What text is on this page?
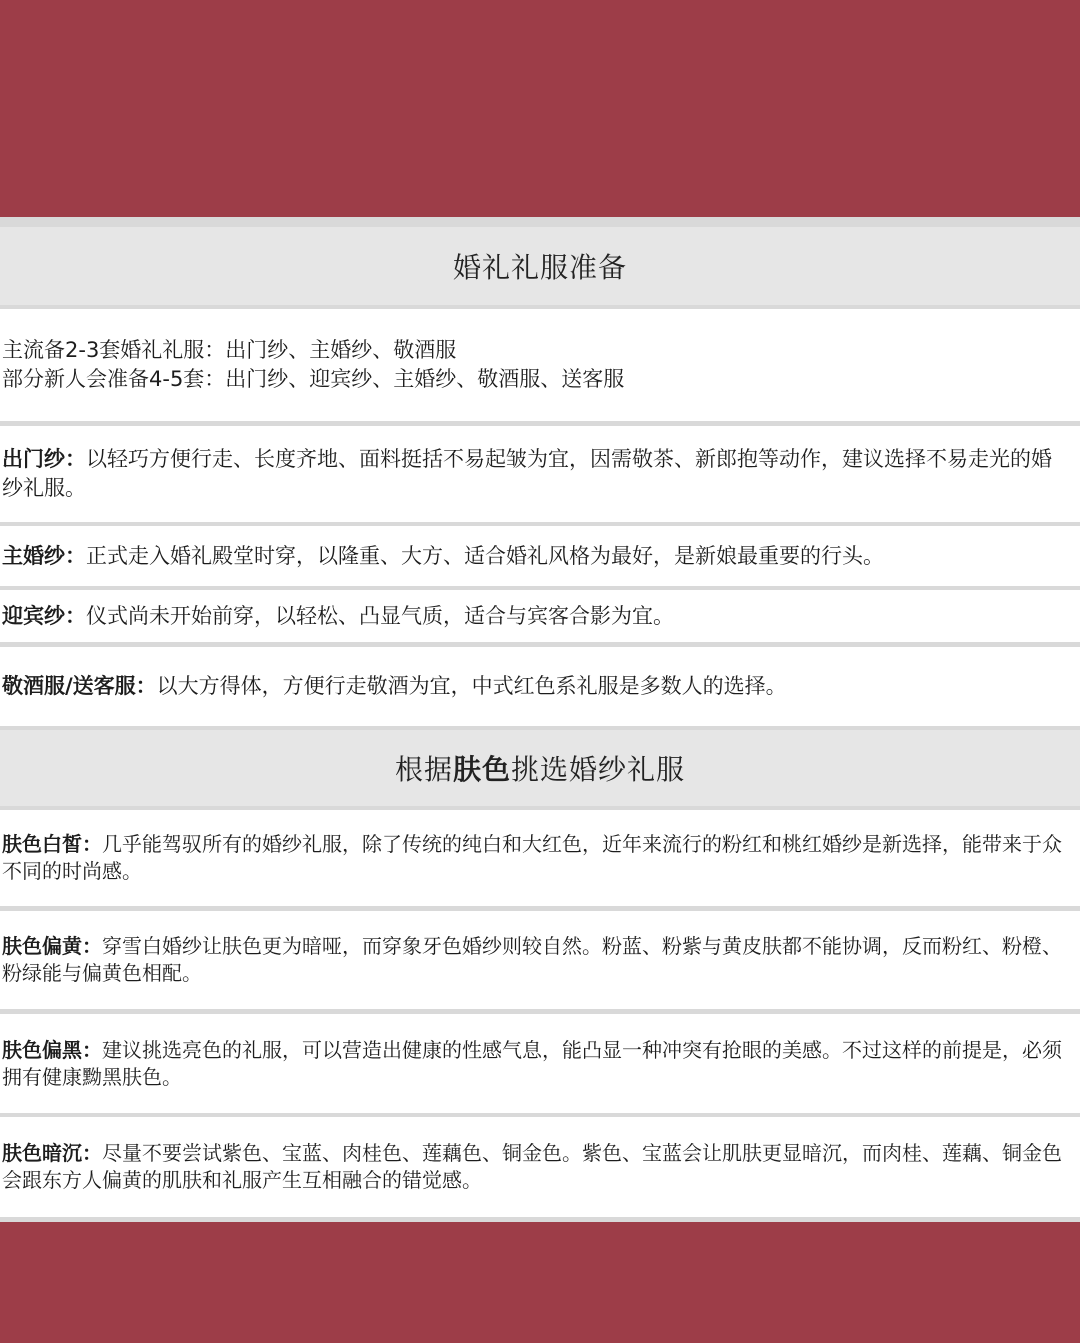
婚礼礼服准备
主流备2-3套婚礼礼服：出门纱、主婚纱、敬酒服
部分新人会准备4-5套：出门纱、迎宾纱、主婚纱、敬酒服、送客服
出门纱：以轻巧方便行走、长度齐地、面料挺括不易起皱为宜，因需敬茶、新郎抱等动作，建议选择不易走光的婚纱礼服。
主婚纱：正式走入婚礼殿堂时穿，以隆重、大方、适合婚礼风格为最好，是新娘最重要的行头。
迎宾纱：仪式尚未开始前穿，以轻松、凸显气质，适合与宾客合影为宜。
敬酒服/送客服：以大方得体，方便行走敬酒为宜，中式红色系礼服是多数人的选择。
根据肤色挑选婚纱礼服
肤色白皙：几乎能驾驭所有的婚纱礼服，除了传统的纯白和大红色，近年来流行的粉红和桃红婚纱是新选择，能带来于众不同的时尚感。
肤色偏黄：穿雪白婚纱让肤色更为暗哑，而穿象牙色婚纱则较自然。粉蓝、粉紫与黄皮肤都不能协调，反而粉红、粉橙、粉绿能与偏黄色相配。
肤色偏黑：建议挑选亮色的礼服，可以营造出健康的性感气息，能凸显一种冲突有抢眼的美感。不过这样的前提是，必须拥有健康黝黑肤色。
肤色暗沉：尽量不要尝试紫色、宝蓝、肉桂色、莲藕色、铜金色。紫色、宝蓝会让肌肤更显暗沉，而肉桂、莲藕、铜金色会跟东方人偏黄的肌肤和礼服产生互相融合的错觉感。
